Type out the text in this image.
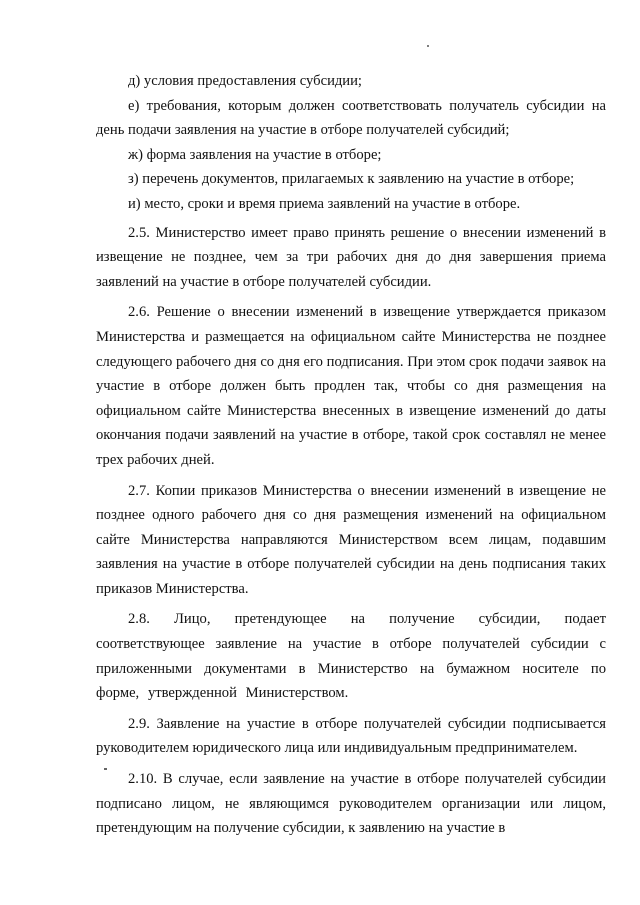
д) условия предоставления субсидии;

е) требования, которым должен соответствовать получатель субсидии на день подачи заявления на участие в отборе получателей субсидий;

ж) форма заявления на участие в отборе;

з) перечень документов, прилагаемых к заявлению на участие в отборе;

и) место, сроки и время приема заявлений на участие в отборе.

2.5. Министерство имеет право принять решение о внесении изменений в извещение не позднее, чем за три рабочих дня до дня завершения приема заявлений на участие в отборе получателей субсидии.

2.6. Решение о внесении изменений в извещение утверждается приказом Министерства и размещается на официальном сайте Министерства не позднее следующего рабочего дня со дня его подписания. При этом срок подачи заявок на участие в отборе должен быть продлен так, чтобы со дня размещения на официальном сайте Министерства внесенных в извещение изменений до даты окончания подачи заявлений на участие в отборе, такой срок составлял не менее трех рабочих дней.

2.7. Копии приказов Министерства о внесении изменений в извещение не позднее одного рабочего дня со дня размещения изменений на официальном сайте Министерства направляются Министерством всем лицам, подавшим заявления на участие в отборе получателей субсидии на день подписания таких приказов Министерства.

2.8. Лицо, претендующее на получение субсидии, подает соответствующее заявление на участие в отборе получателей субсидии с приложенными документами в Министерство на бумажном носителе по форме, утвержденной Министерством.

2.9. Заявление на участие в отборе получателей субсидии подписывается руководителем юридического лица или индивидуальным предпринимателем.

2.10. В случае, если заявление на участие в отборе получателей субсидии подписано лицом, не являющимся руководителем организации или лицом, претендующим на получение субсидии, к заявлению на участие в
